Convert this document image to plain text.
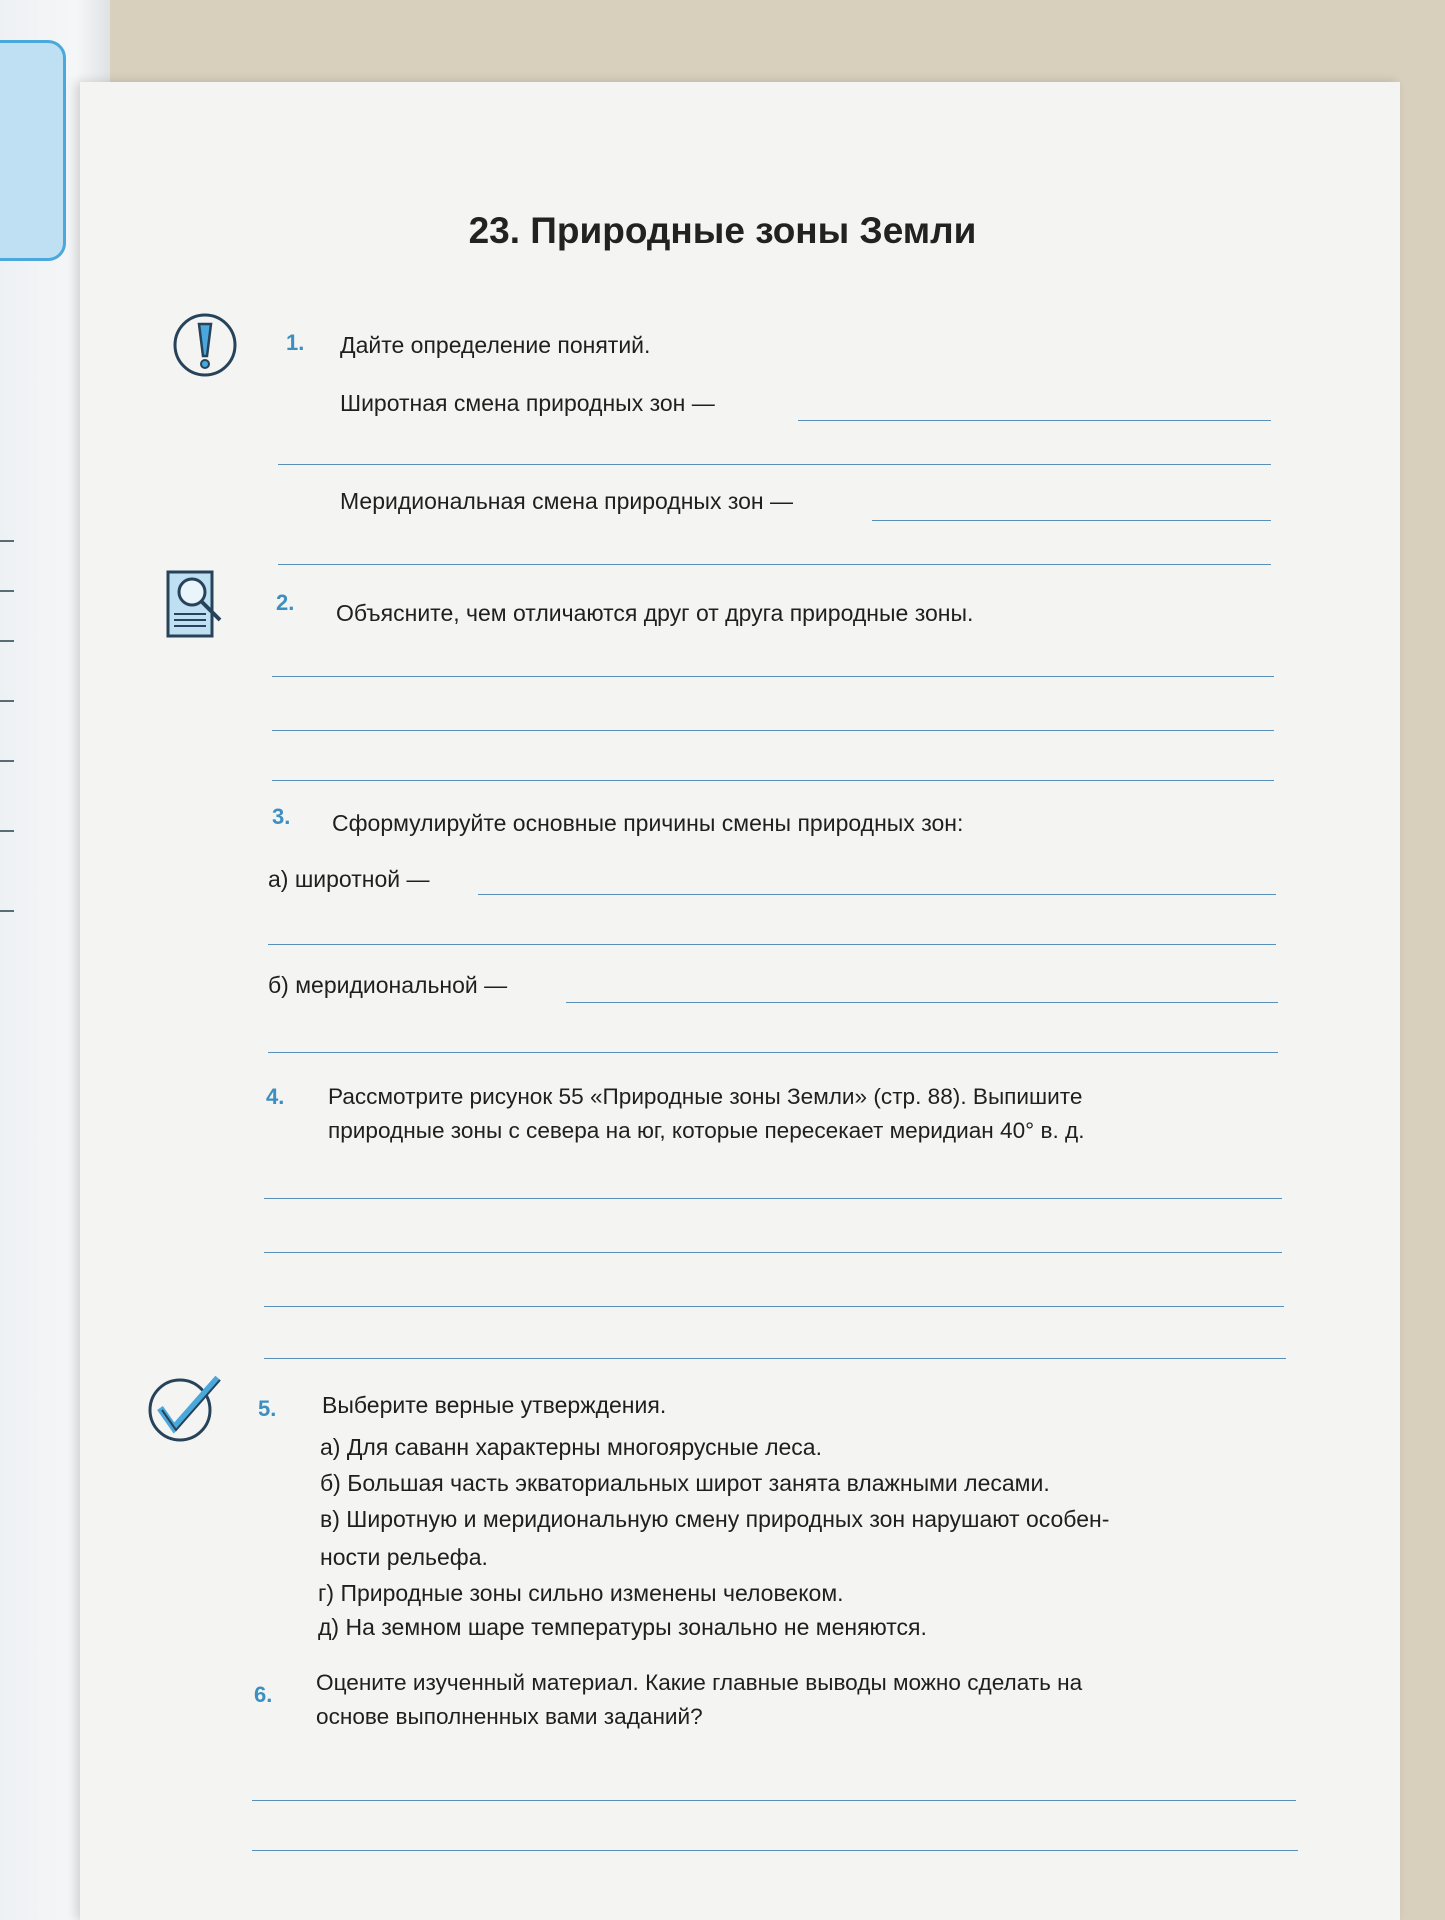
23. Природные зоны Земли
1. Дайте определение понятий.
Широтная смена природных зон —
Меридиональная смена природных зон —
2. Объясните, чем отличаются друг от друга природные зоны.
3. Сформулируйте основные причины смены природных зон:
а) широтной —
б) меридиональной —
4. Рассмотрите рисунок 55 «Природные зоны Земли» (стр. 88). Выпишите
природные зоны с севера на юг, которые пересекает меридиан 40° в. д.
5. Выберите верные утверждения.
а) Для саванн характерны многоярусные леса.
б) Большая часть экваториальных широт занята влажными лесами.
в) Широтную и меридиональную смену природных зон нарушают особен-
ности рельефа.
г) Природные зоны сильно изменены человеком.
д) На земном шаре температуры зонально не меняются.
6. Оцените изученный материал. Какие главные выводы можно сделать на
основе выполненных вами заданий?
